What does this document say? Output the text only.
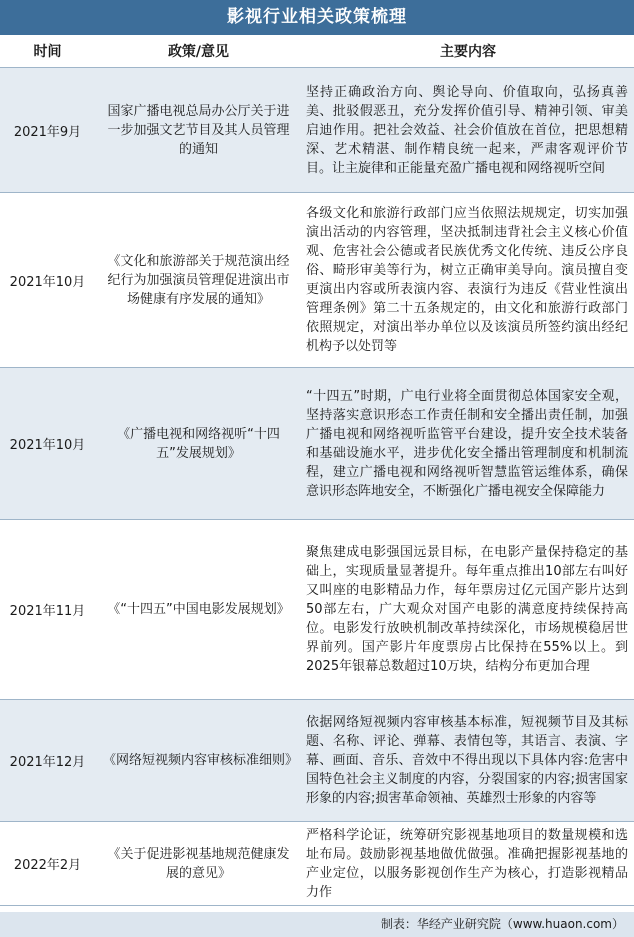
影视行业相关政策梳理
时间	政策/意见	主要内容
2021年9月	国家广播电视总局办公厅关于进一步加强文艺节目及其人员管理的通知	坚持正确政治方向、舆论导向、价值取向，弘扬真善美、批驳假恶丑，充分发挥价值引导、精神引领、审美启迪作用。把社会效益、社会价值放在首位，把思想精深、艺术精湛、制作精良统一起来，严肃客观评价节目。让主旋律和正能量充盈广播电视和网络视听空间
2021年10月	《文化和旅游部关于规范演出经纪行为加强演员管理促进演出市场健康有序发展的通知》	各级文化和旅游行政部门应当依照法规规定，切实加强演出活动的内容管理，坚决抵制违背社会主义核心价值观、危害社会公德或者民族优秀文化传统、违反公序良俗、畸形审美等行为，树立正确审美导向。演员擅自变更演出内容或所表演内容、表演行为违反《营业性演出管理条例》第二十五条规定的，由文化和旅游行政部门依照规定，对演出举办单位以及该演员所签约演出经纪机构予以处罚等
2021年10月	《广播电视和网络视听“十四五”发展规划》	“十四五”时期，广电行业将全面贯彻总体国家安全观，坚持落实意识形态工作责任制和安全播出责任制，加强广播电视和网络视听监管平台建设，提升安全技术装备和基础设施水平，进步优化安全播出管理制度和机制流程，建立广播电视和网络视听智慧监管运维体系，确保意识形态阵地安全，不断强化广播电视安全保障能力
2021年11月	《“十四五”中国电影发展规划》	聚焦建成电影强国远景目标，在电影产量保持稳定的基础上，实现质量显著提升。每年重点推出10部左右叫好又叫座的电影精品力作，每年票房过亿元国产影片达到50部左右，广大观众对国产电影的满意度持续保持高位。电影发行放映机制改革持续深化，市场规模稳居世界前列。国产影片年度票房占比保持在55%以上。到2025年银幕总数超过10万块，结构分布更加合理
2021年12月	《网络短视频内容审核标准细则》	依据网络短视频内容审核基本标准，短视频节目及其标题、名称、评论、弹幕、表情包等，其语言、表演、字幕、画面、音乐、音效中不得出现以下具体内容:危害中国特色社会主义制度的内容，分裂国家的内容;损害国家形象的内容;损害革命领袖、英雄烈士形象的内容等
2022年2月	《关于促进影视基地规范健康发展的意见》	严格科学论证，统筹研究影视基地项目的数量规模和选址布局。鼓励影视基地做优做强。准确把握影视基地的产业定位，以服务影视创作生产为核心，打造影视精品力作
制表：华经产业研究院（www.huaon.com）
